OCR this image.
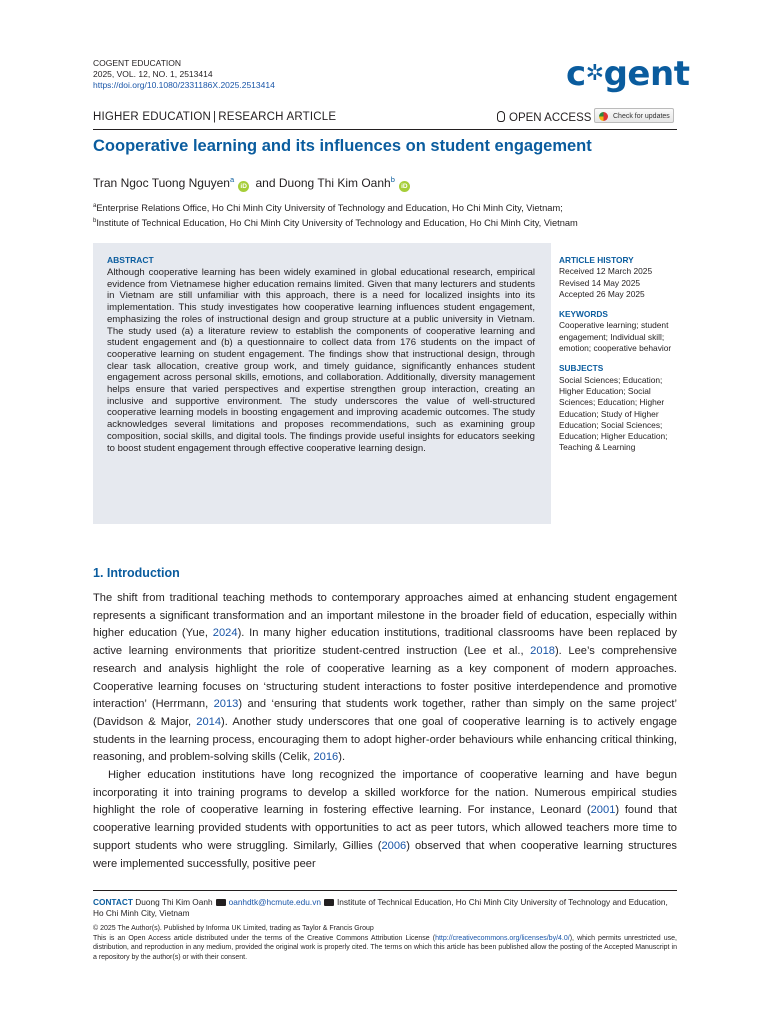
COGENT EDUCATION
2025, VOL. 12, NO. 1, 2513414
https://doi.org/10.1080/2331186X.2025.2513414	c✲gent
HIGHER EDUCATION | RESEARCH ARTICLE	OPEN ACCESS	Check for updates
Cooperative learning and its influences on student engagement
Tran Ngoc Tuong Nguyen$^a$iD and Duong Thi Kim Oanh$^b$iD
$^a$Enterprise Relations Office, Ho Chi Minh City University of Technology and Education, Ho Chi Minh City, Vietnam;
$^b$Institute of Technical Education, Ho Chi Minh City University of Technology and Education, Ho Chi Minh City, Vietnam
ABSTRACT

Although cooperative learning has been widely examined in global educational research, empirical evidence from Vietnamese higher education remains limited. Given that many lecturers and students in Vietnam are still unfamiliar with this approach, there is a need for localized insights into its implementation. This study investigates how cooperative learning influences student engagement, emphasizing the roles of instructional design and group structure at a public university in Vietnam. The study used (a) a literature review to establish the components of cooperative learning and student engagement and (b) a questionnaire to collect data from 176 students on the impact of cooperative learning on student engagement. The findings show that instructional design, through clear task allocation, creative group work, and timely guidance, significantly enhances student engagement across personal skills, emotions, and collaboration. Additionally, diversity management helps ensure that varied perspectives and expertise strengthen group interaction, creating an inclusive and supportive environment. The study underscores the value of well-structured cooperative learning models in boosting engagement and improving academic outcomes. The study acknowledges several limitations and proposes recommendations, such as examining group composition, social skills, and digital tools. The findings provide useful insights for educators seeking to boost student engagement through effective cooperative learning design.

ARTICLE HISTORY
Received 12 March 2025
Revised 14 May 2025
Accepted 26 May 2025
KEYWORDS
Cooperative learning; student engagement; Individual skill; emotion; cooperative behavior
SUBJECTS
Social Sciences; Education; Higher Education; Social Sciences; Education; Higher Education; Study of Higher Education; Social Sciences; Education; Higher Education; Teaching & Learning
1. Introduction

The shift from traditional teaching methods to contemporary approaches aimed at enhancing student engagement represents a significant transformation and an important milestone in the broader field of education, especially within higher education (Yue, 2024). In many higher education institutions, traditional classrooms have been replaced by active learning environments that prioritize student-centred instruction (Lee et al., 2018). Lee’s comprehensive research and analysis highlight the role of cooperative learning as a key component of modern approaches. Cooperative learning focuses on ‘structuring student interactions to foster positive interdependence and promotive interaction’ (Herrmann, 2013) and ‘ensuring that students work together, rather than simply on the same project’ (Davidson & Major, 2014). Another study underscores that one goal of cooperative learning is to actively engage students in the learning process, encouraging them to adopt higher-order behaviours while enhancing critical thinking, reasoning, and problem-solving skills (Celik, 2016).

Higher education institutions have long recognized the importance of cooperative learning and have begun incorporating it into training programs to develop a skilled workforce for the nation. Numerous empirical studies highlight the role of cooperative learning in fostering effective learning. For instance, Leonard (2001) found that cooperative learning provided students with opportunities to act as peer tutors, which allowed teachers more time to support students who were struggling. Similarly, Gillies (2006) observed that when cooperative learning structures were implemented successfully, positive peer

CONTACT Duong Thi Kim Oanh oanhdtk@hcmute.edu.vn Institute of Technical Education, Ho Chi Minh City University of Technology and Education, Ho Chi Minh City, Vietnam
© 2025 The Author(s). Published by Informa UK Limited, trading as Taylor & Francis Group
This is an Open Access article distributed under the terms of the Creative Commons Attribution License (http://creativecommons.org/licenses/by/4.0/), which permits unrestricted use, distribution, and reproduction in any medium, provided the original work is properly cited. The terms on which this article has been published allow the posting of the Accepted Manuscript in a repository by the author(s) or with their consent.
